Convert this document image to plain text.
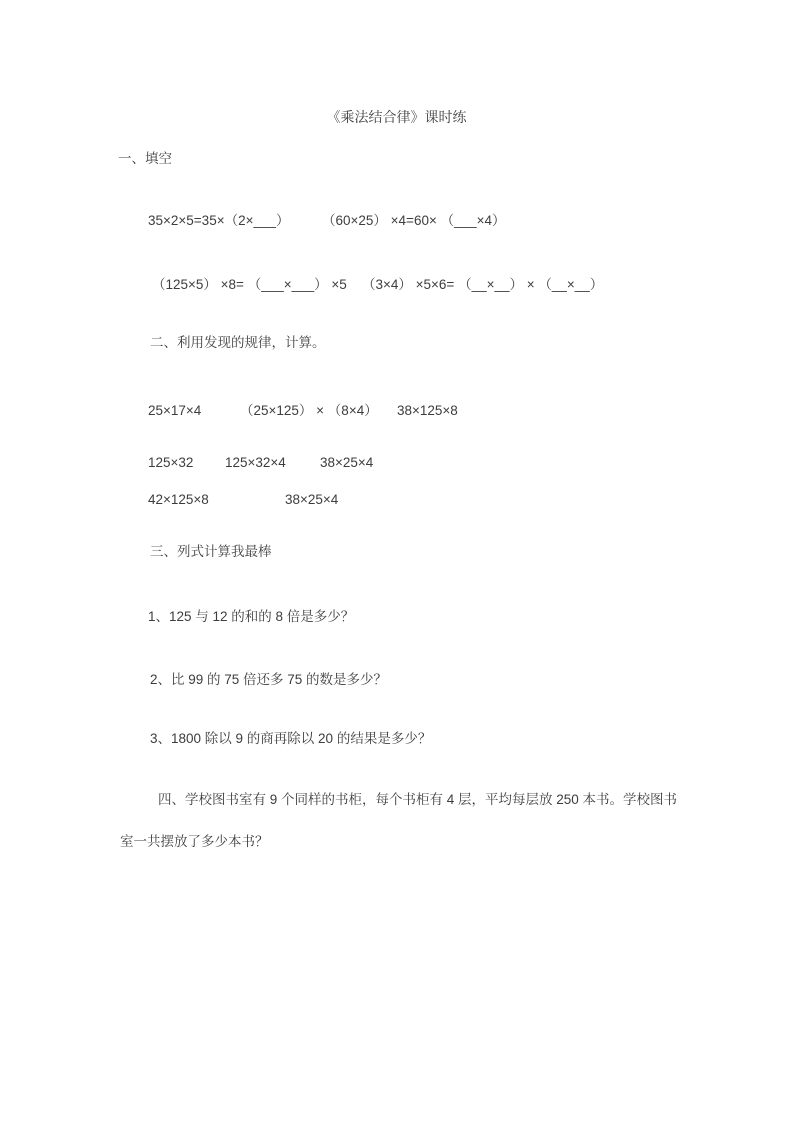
《乘法结合律》课时练
一、填空
35×2×5=35×（2×___） （60×25） ×4=60× （___×4）
（125×5） ×8= （___×___） ×5 （3×4） ×5×6= （__×__） × （__×__）
二、利用发现的规律，计算。
25×17×4	（25×125） × （8×4） 38×125×8
125×32 125×32×4	38×25×4
42×125×8	38×25×4
三、列式计算我最棒
1、125 与 12 的和的 8 倍是多少？
2、比 99 的 75 倍还多 75 的数是多少？
3、1800 除以 9 的商再除以 20 的结果是多少？
四、学校图书室有 9 个同样的书柜，每个书柜有 4 层，平均每层放 250 本书。学校图书
室一共摆放了多少本书？
